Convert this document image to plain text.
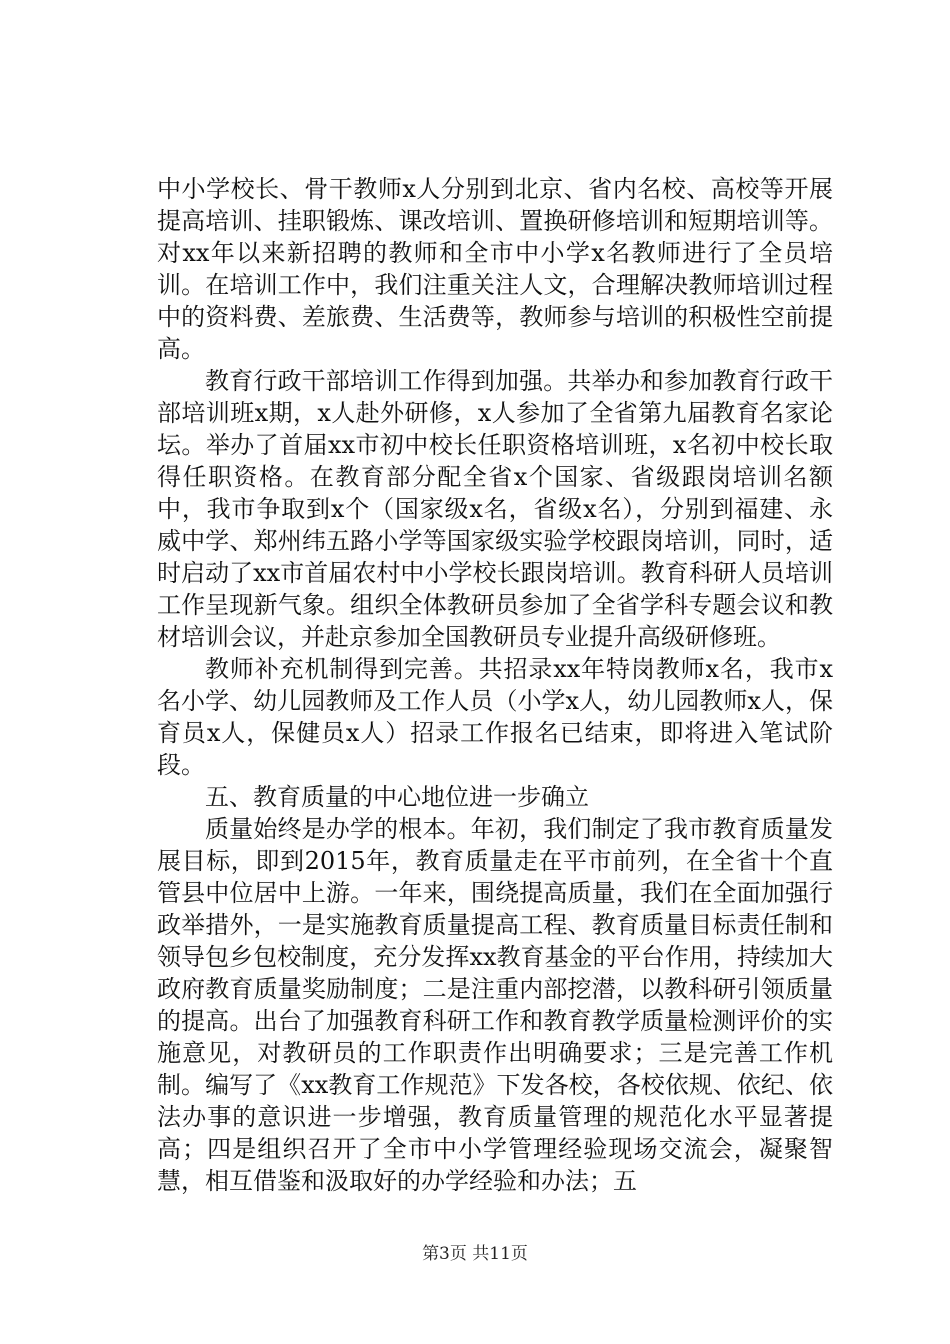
中小学校长、骨干教师x人分别到北京、省内名校、高校等开展提高培训、挂职锻炼、课改培训、置换研修培训和短期培训等。对xx年以来新招聘的教师和全市中小学x名教师进行了全员培训。在培训工作中，我们注重关注人文，合理解决教师培训过程中的资料费、差旅费、生活费等，教师参与培训的积极性空前提高。

教育行政干部培训工作得到加强。共举办和参加教育行政干部培训班x期，x人赴外研修，x人参加了全省第九届教育名家论坛。举办了首届xx市初中校长任职资格培训班，x名初中校长取得任职资格。在教育部分配全省x个国家、省级跟岗培训名额中，我市争取到x个（国家级x名，省级x名），分别到福建、永威中学、郑州纬五路小学等国家级实验学校跟岗培训，同时，适时启动了xx市首届农村中小学校长跟岗培训。教育科研人员培训工作呈现新气象。组织全体教研员参加了全省学科专题会议和教材培训会议，并赴京参加全国教研员专业提升高级研修班。

教师补充机制得到完善。共招录xx年特岗教师x名，我市x名小学、幼儿园教师及工作人员（小学x人，幼儿园教师x人，保育员x人，保健员x人）招录工作报名已结束，即将进入笔试阶段。

五、教育质量的中心地位进一步确立

质量始终是办学的根本。年初，我们制定了我市教育质量发展目标，即到2015年，教育质量走在平市前列，在全省十个直管县中位居中上游。一年来，围绕提高质量，我们在全面加强行政举措外，一是实施教育质量提高工程、教育质量目标责任制和领导包乡包校制度，充分发挥xx教育基金的平台作用，持续加大政府教育质量奖励制度；二是注重内部挖潜，以教科研引领质量的提高。出台了加强教育科研工作和教育教学质量检测评价的实施意见，对教研员的工作职责作出明确要求；三是完善工作机制。编写了《xx教育工作规范》下发各校，各校依规、依纪、依法办事的意识进一步增强，教育质量管理的规范化水平显著提高；四是组织召开了全市中小学管理经验现场交流会，凝聚智慧，相互借鉴和汲取好的办学经验和办法；五

第3页 共11页
